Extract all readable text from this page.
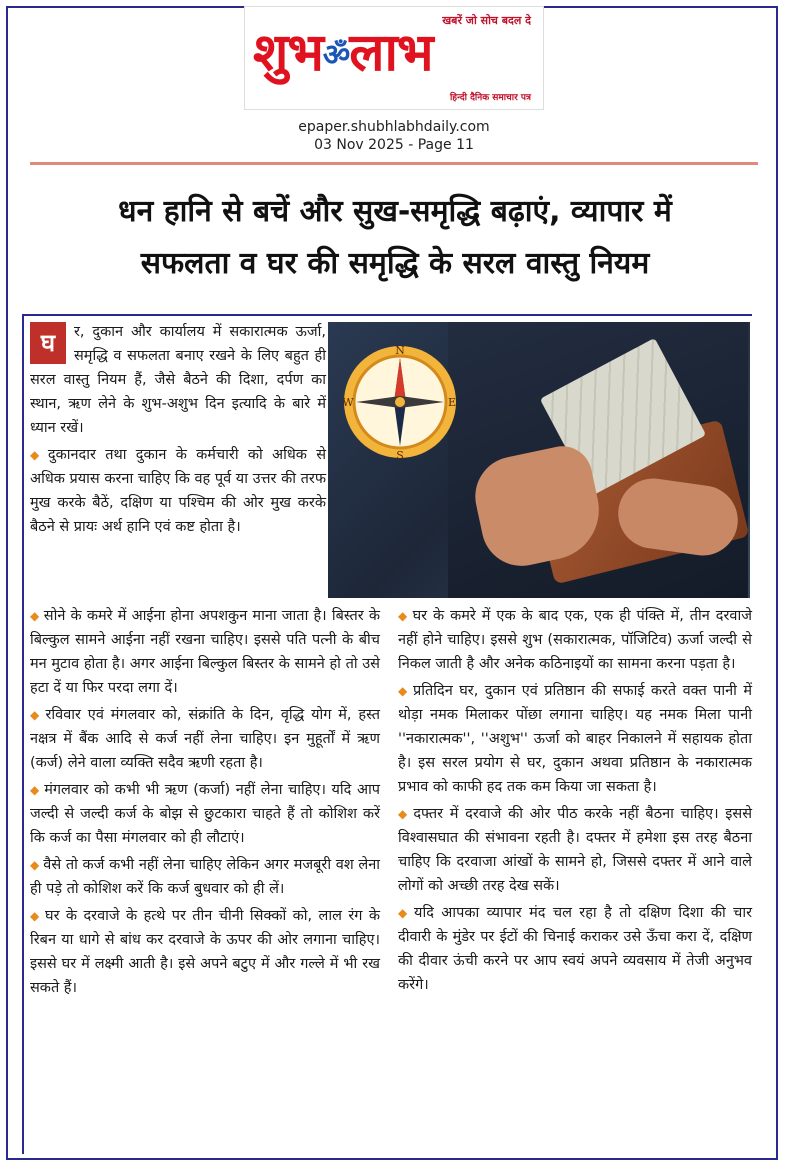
खबरें जो सोच बदल दे
शुभॐलाभ
हिन्दी दैनिक समाचार पत्र
epaper.shubhlabhdaily.com
03 Nov 2025 - Page 11
धन हानि से बचें और सुख-समृद्धि बढ़ाएं, व्यापार में
सफलता व घर की समृद्धि के सरल वास्तु नियम

घ	र, दुकान और कार्यालय में सकारात्मक ऊर्जा, समृद्धि व सफलता बनाए रखने के लिए बहुत ही सरल वास्तु नियम हैं, जैसे बैठने की दिशा, दर्पण का स्थान, ऋण लेने के शुभ-अशुभ दिन इत्यादि के बारे में ध्यान रखें।

◆ दुकानदार तथा दुकान के कर्मचारी को अधिक से अधिक प्रयास करना चाहिए कि वह पूर्व या उत्तर की तरफ मुख करके बैठें, दक्षिण या पश्चिम की ओर मुख करके बैठने से प्रायः अर्थ हानि एवं कष्ट होता है।

N
S
E
W

◆ सोने के कमरे में आईना होना अपशकुन माना जाता है। बिस्तर के बिल्कुल सामने आईना नहीं रखना चाहिए। इससे पति पत्नी के बीच मन मुटाव होता है। अगर आईना बिल्कुल बिस्तर के सामने हो तो उसे हटा दें या फिर परदा लगा दें।

◆ रविवार एवं मंगलवार को, संक्रांति के दिन, वृद्धि योग में, हस्त नक्षत्र में बैंक आदि से कर्ज नहीं लेना चाहिए। इन मुहूर्तों में ऋण (कर्ज) लेने वाला व्यक्ति सदैव ऋणी रहता है।

◆ मंगलवार को कभी भी ऋण (कर्जा) नहीं लेना चाहिए। यदि आप जल्दी से जल्दी कर्ज के बोझ से छुटकारा चाहते हैं तो कोशिश करें कि कर्ज का पैसा मंगलवार को ही लौटाएं।

◆ वैसे तो कर्ज कभी नहीं लेना चाहिए लेकिन अगर मजबूरी वश लेना ही पड़े तो कोशिश करें कि कर्ज बुधवार को ही लें।

◆ घर के दरवाजे के हत्थे पर तीन चीनी सिक्कों को, लाल रंग के रिबन या धागे से बांध कर दरवाजे के ऊपर की ओर लगाना चाहिए। इससे घर में लक्ष्मी आती है। इसे अपने बटुए में और गल्ले में भी रख सकते हैं।

◆ घर के कमरे में एक के बाद एक, एक ही पंक्ति में, तीन दरवाजे नहीं होने चाहिए। इससे शुभ (सकारात्मक, पॉजिटिव) ऊर्जा जल्दी से निकल जाती है और अनेक कठिनाइयों का सामना करना पड़ता है।

◆ प्रतिदिन घर, दुकान एवं प्रतिष्ठान की सफाई करते वक्त पानी में थोड़ा नमक मिलाकर पोंछा लगाना चाहिए। यह नमक मिला पानी ''नकारात्मक'', ''अशुभ'' ऊर्जा को बाहर निकालने में सहायक होता है। इस सरल प्रयोग से घर, दुकान अथवा प्रतिष्ठान के नकारात्मक प्रभाव को काफी हद तक कम किया जा सकता है।

◆ दफ्तर में दरवाजे की ओर पीठ करके नहीं बैठना चाहिए। इससे विश्वासघात की संभावना रहती है। दफ्तर में हमेशा इस तरह बैठना चाहिए कि दरवाजा आंखों के सामने हो, जिससे दफ्तर में आने वाले लोगों को अच्छी तरह देख सकें।

◆ यदि आपका व्यापार मंद चल रहा है तो दक्षिण दिशा की चार दीवारी के मुंडेर पर ईटों की चिनाई कराकर उसे ऊँचा करा दें, दक्षिण की दीवार ऊंची करने पर आप स्वयं अपने व्यवसाय में तेजी अनुभव करेंगे।
